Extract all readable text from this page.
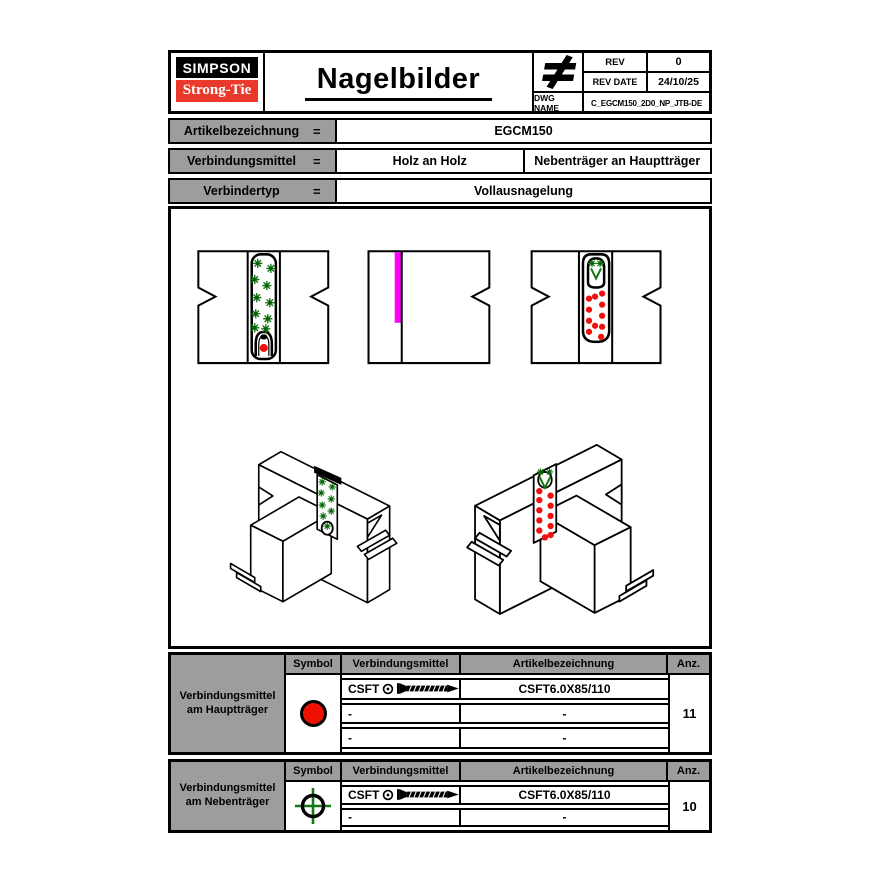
SIMPSON
Strong-Tie	Nagelbilder
REV	0
REV DATE	24/10/25
DWG NAME	C_EGCM150_2D0_NP_JTB-DE
Artikelbezeichnung	=	EGCM150
Verbindungsmittel	=	Holz an Holz	Nebenträger an Hauptträger
Verbindertyp	=	Vollausnagelung
Verbindungsmittel am Hauptträger
Symbol	Verbindungsmittel	Artikelbezeichnung	Anz.
CSFT	CSFT6.0X85/110
-	-
-	-
11
Verbindungsmittel am Nebenträger
Symbol	Verbindungsmittel	Artikelbezeichnung	Anz.
CSFT	CSFT6.0X85/110
-	-
10
